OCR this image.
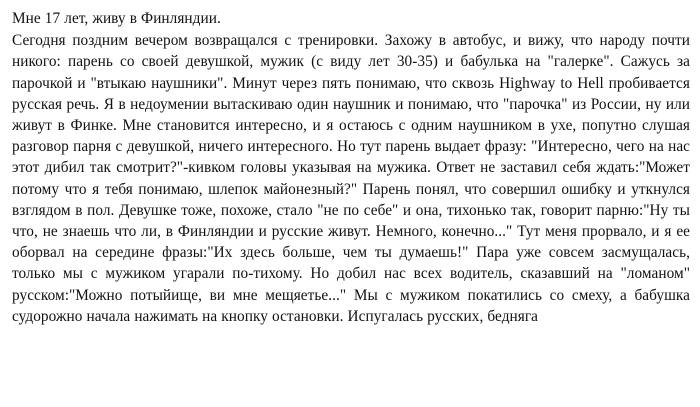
Мне 17 лет, живу в Финляндии.

Сегодня поздним вечером возвращался с тренировки. Захожу в автобус, и вижу, что народу почти никого: парень со своей девушкой, мужик (с виду лет 30-35) и бабулька на "галерке". Сажусь за парочкой и "втыкаю наушники". Минут через пять понимаю, что сквозь Highway to Hell пробивается русская речь. Я в недоумении вытаскиваю один наушник и понимаю, что "парочка" из России, ну или живут в Финке. Мне становится интересно, и я остаюсь с одним наушником в ухе, попутно слушая разговор парня с девушкой, ничего интересного. Но тут парень выдает фразу: "Интересно, чего на нас этот дибил так смотрит?"-кивком головы указывая на мужика. Ответ не заставил себя ждать:"Может потому что я тебя понимаю, шлепок майонезный?" Парень понял, что совершил ошибку и уткнулся взглядом в пол. Девушке тоже, похоже, стало "не по себе" и она, тихонько так, говорит парню:"Ну ты что, не знаешь что ли, в Финляндии и русские живут. Немного, конечно..." Тут меня прорвало, и я ее оборвал на середине фразы:"Их здесь больше, чем ты думаешь!" Пара уже совсем засмущалась, только мы с мужиком угарали по-тихому. Но добил нас всех водитель, сказавший на "ломаном" русском:"Можно потыйище, ви мне мещяетье..." Мы с мужиком покатились со смеху, а бабушка судорожно начала нажимать на кнопку остановки. Испугалась русских, бедняга
